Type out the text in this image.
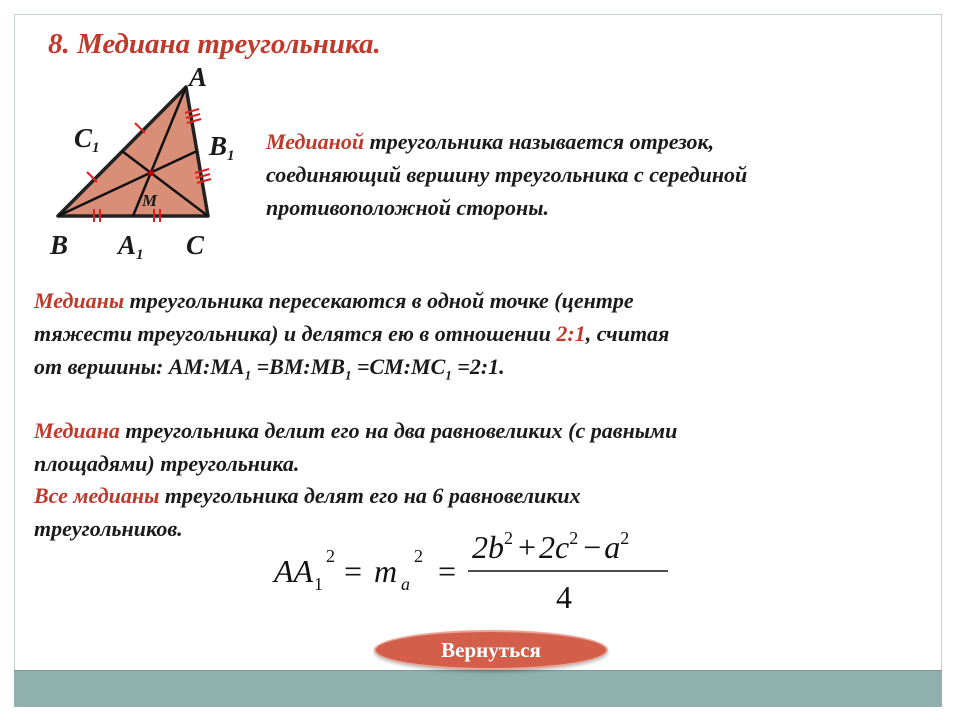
8. Медиана треугольника.
A
B	C
C1	B1
A1
M

Медианой треугольника называется отрезок,

соединяющий вершину треугольника с серединой

противоположной стороны.

Медианы треугольника пересекаются в одной точке (центре

тяжести треугольника) и делятся ею в отношении 2:1, считая

от вершины: $АМ:МА_1$ $=ВМ:МВ_1$ $=СМ:МС_1$ =2:1.

Медиана треугольника делит его на два равновеликих (с равными

площадями) треугольника.

Все медианы треугольника делят его на 6 равновеликих

треугольников.

AA 1
2 = m a
2 =
$2b^2 +2c^2 -a^2$
4
Вернуться
